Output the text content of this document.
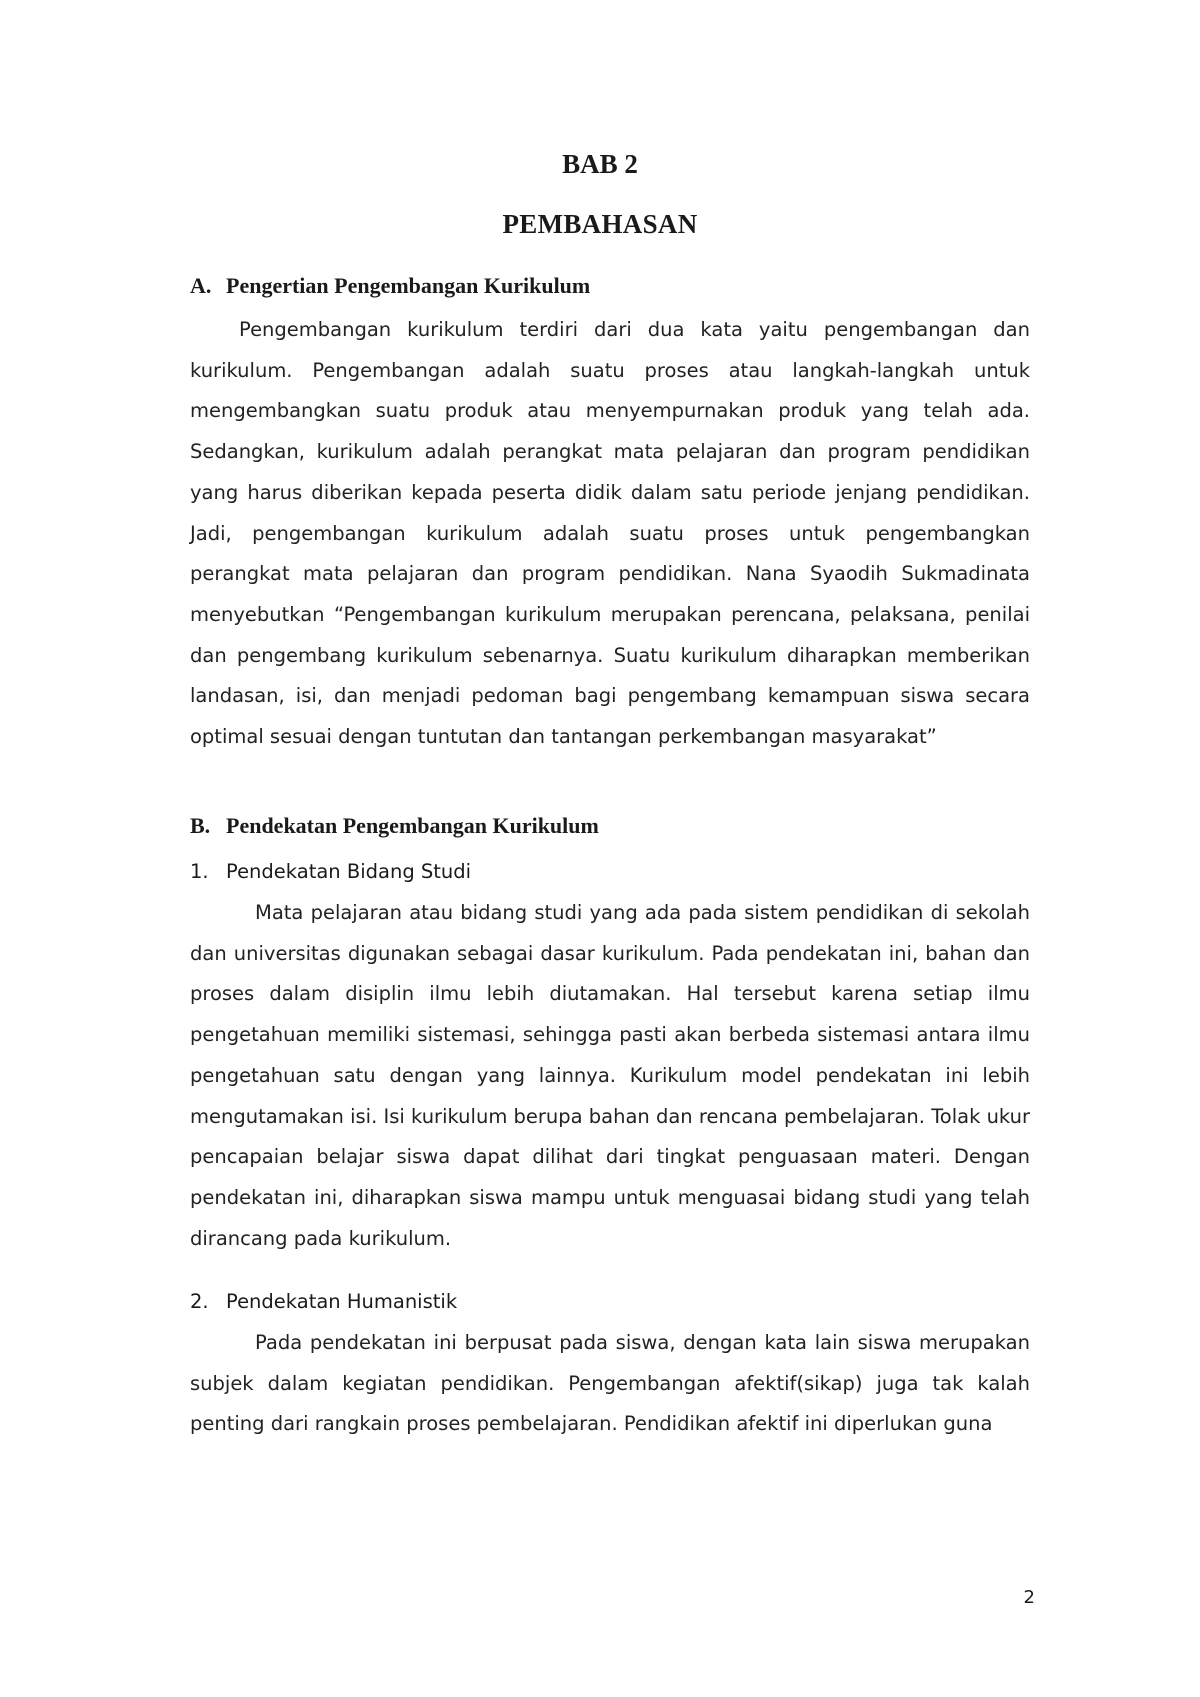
BAB 2
PEMBAHASAN
A. Pengertian Pengembangan Kurikulum

Pengembangan kurikulum terdiri dari dua kata yaitu pengembangan dan kurikulum. Pengembangan adalah suatu proses atau langkah-langkah untuk mengembangkan suatu produk atau menyempurnakan produk yang telah ada. Sedangkan, kurikulum adalah perangkat mata pelajaran dan program pendidikan yang harus diberikan kepada peserta didik dalam satu periode jenjang pendidikan. Jadi, pengembangan kurikulum adalah suatu proses untuk pengembangkan perangkat mata pelajaran dan program pendidikan. Nana Syaodih Sukmadinata menyebutkan “Pengembangan kurikulum merupakan perencana, pelaksana, penilai dan pengembang kurikulum sebenarnya. Suatu kurikulum diharapkan memberikan landasan, isi, dan menjadi pedoman bagi pengembang kemampuan siswa secara optimal sesuai dengan tuntutan dan tantangan perkembangan masyarakat”

B. Pendekatan Pengembangan Kurikulum
1. Pendekatan Bidang Studi

Mata pelajaran atau bidang studi yang ada pada sistem pendidikan di sekolah dan universitas digunakan sebagai dasar kurikulum. Pada pendekatan ini, bahan dan proses dalam disiplin ilmu lebih diutamakan. Hal tersebut karena setiap ilmu pengetahuan memiliki sistemasi, sehingga pasti akan berbeda sistemasi antara ilmu pengetahuan satu dengan yang lainnya. Kurikulum model pendekatan ini lebih mengutamakan isi. Isi kurikulum berupa bahan dan rencana pembelajaran. Tolak ukur pencapaian belajar siswa dapat dilihat dari tingkat penguasaan materi. Dengan pendekatan ini, diharapkan siswa mampu untuk menguasai bidang studi yang telah dirancang pada kurikulum.

2. Pendekatan Humanistik

Pada pendekatan ini berpusat pada siswa, dengan kata lain siswa merupakan subjek dalam kegiatan pendidikan. Pengembangan afektif(sikap) juga tak kalah penting dari rangkain proses pembelajaran. Pendidikan afektif ini diperlukan guna

2
